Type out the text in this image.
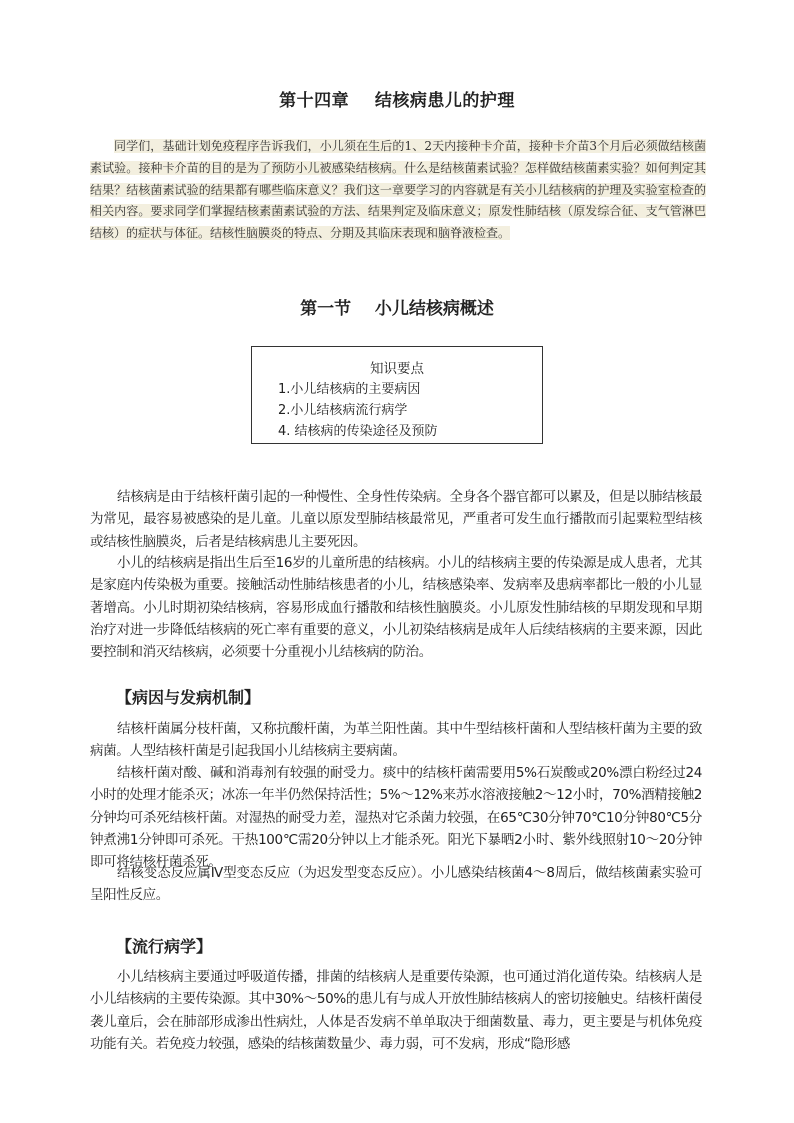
第十四章    结核病患儿的护理

同学们，基础计划免疫程序告诉我们，小儿须在生后的1、2天内接种卡介苗，接种卡介苗3个月后必须做结核菌素试验。接种卡介苗的目的是为了预防小儿被感染结核病。什么是结核菌素试验？怎样做结核菌素实验？如何判定其结果？结核菌素试验的结果都有哪些临床意义？我们这一章要学习的内容就是有关小儿结核病的护理及实验室检查的相关内容。要求同学们掌握结核素菌素试验的方法、结果判定及临床意义；原发性肺结核（原发综合征、支气管淋巴结核）的症状与体征。结核性脑膜炎的特点、分期及其临床表现和脑脊液检查。

第一节    小儿结核病概述
知识要点
1.小儿结核病的主要病因
2.小儿结核病流行病学
4. 结核病的传染途径及预防

结核病是由于结核杆菌引起的一种慢性、全身性传染病。全身各个器官都可以累及，但是以肺结核最为常见，最容易被感染的是儿童。儿童以原发型肺结核最常见，严重者可发生血行播散而引起粟粒型结核或结核性脑膜炎，后者是结核病患儿主要死因。

小儿的结核病是指出生后至16岁的儿童所患的结核病。小儿的结核病主要的传染源是成人患者，尤其是家庭内传染极为重要。接触活动性肺结核患者的小儿，结核感染率、发病率及患病率都比一般的小儿显著增高。小儿时期初染结核病，容易形成血行播散和结核性脑膜炎。小儿原发性肺结核的早期发现和早期治疗对进一步降低结核病的死亡率有重要的意义，小儿初染结核病是成年人后续结核病的主要来源，因此要控制和消灭结核病，必须要十分重视小儿结核病的防治。

【病因与发病机制】

结核杆菌属分枝杆菌，又称抗酸杆菌，为革兰阳性菌。其中牛型结核杆菌和人型结核杆菌为主要的致病菌。人型结核杆菌是引起我国小儿结核病主要病菌。

结核杆菌对酸、碱和消毒剂有较强的耐受力。痰中的结核杆菌需要用5%石炭酸或20%漂白粉经过24小时的处理才能杀灭；冰冻一年半仍然保持活性；5%～12%来苏水溶液接触2～12小时，70%酒精接触2分钟均可杀死结核杆菌。对湿热的耐受力差，湿热对它杀菌力较强，在65℃30分钟70℃10分钟80℃5分钟煮沸1分钟即可杀死。干热100℃需20分钟以上才能杀死。阳光下暴晒2小时、紫外线照射10～20分钟即可将结核杆菌杀死。

结核变态反应属Ⅳ型变态反应（为迟发型变态反应）。小儿感染结核菌4～8周后，做结核菌素实验可呈阳性反应。

【流行病学】

小儿结核病主要通过呼吸道传播，排菌的结核病人是重要传染源，也可通过消化道传染。结核病人是小儿结核病的主要传染源。其中30%～50%的患儿有与成人开放性肺结核病人的密切接触史。结核杆菌侵袭儿童后，会在肺部形成渗出性病灶，人体是否发病不单单取决于细菌数量、毒力，更主要是与机体免疫功能有关。若免疫力较强，感染的结核菌数量少、毒力弱，可不发病，形成“隐形感
